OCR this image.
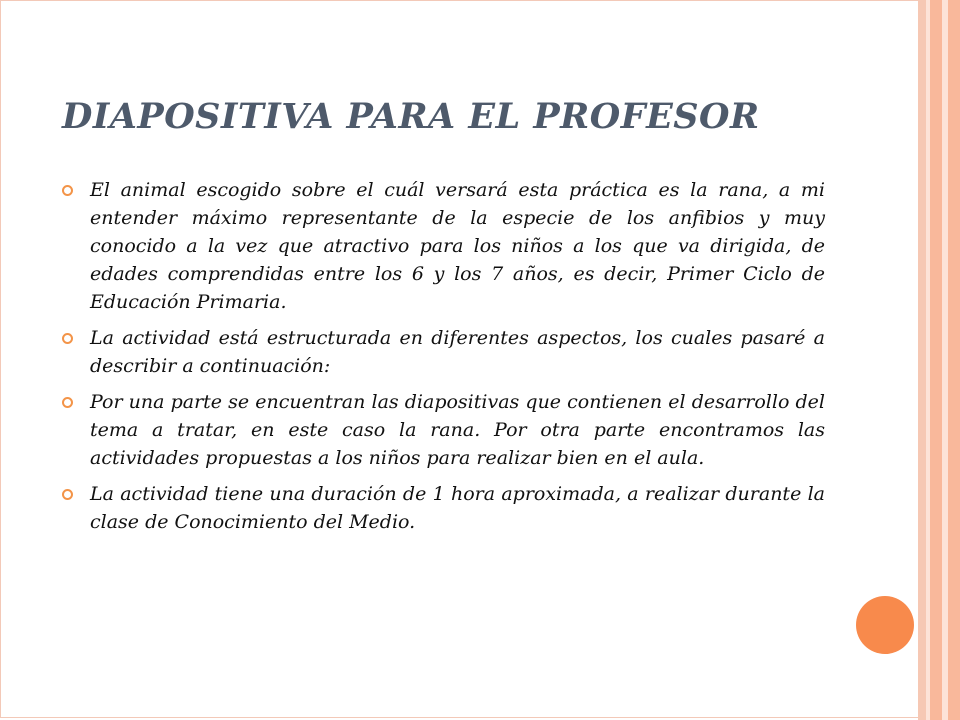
DIAPOSITIVA PARA EL PROFESOR
El animal escogido sobre el cuál versará esta práctica es la rana, a mi entender máximo representante de la especie de los anfibios y muy conocido a la vez que atractivo para los niños a los que va dirigida, de edades comprendidas entre los 6 y los 7 años, es decir, Primer Ciclo de Educación Primaria.
La actividad está estructurada en diferentes aspectos, los cuales pasaré a describir a continuación:
Por una parte se encuentran las diapositivas que contienen el desarrollo del tema a tratar, en este caso la rana. Por otra parte encontramos las actividades propuestas a los niños para realizar bien en el aula.
La actividad tiene una duración de 1 hora aproximada, a realizar durante la clase de Conocimiento del Medio.
